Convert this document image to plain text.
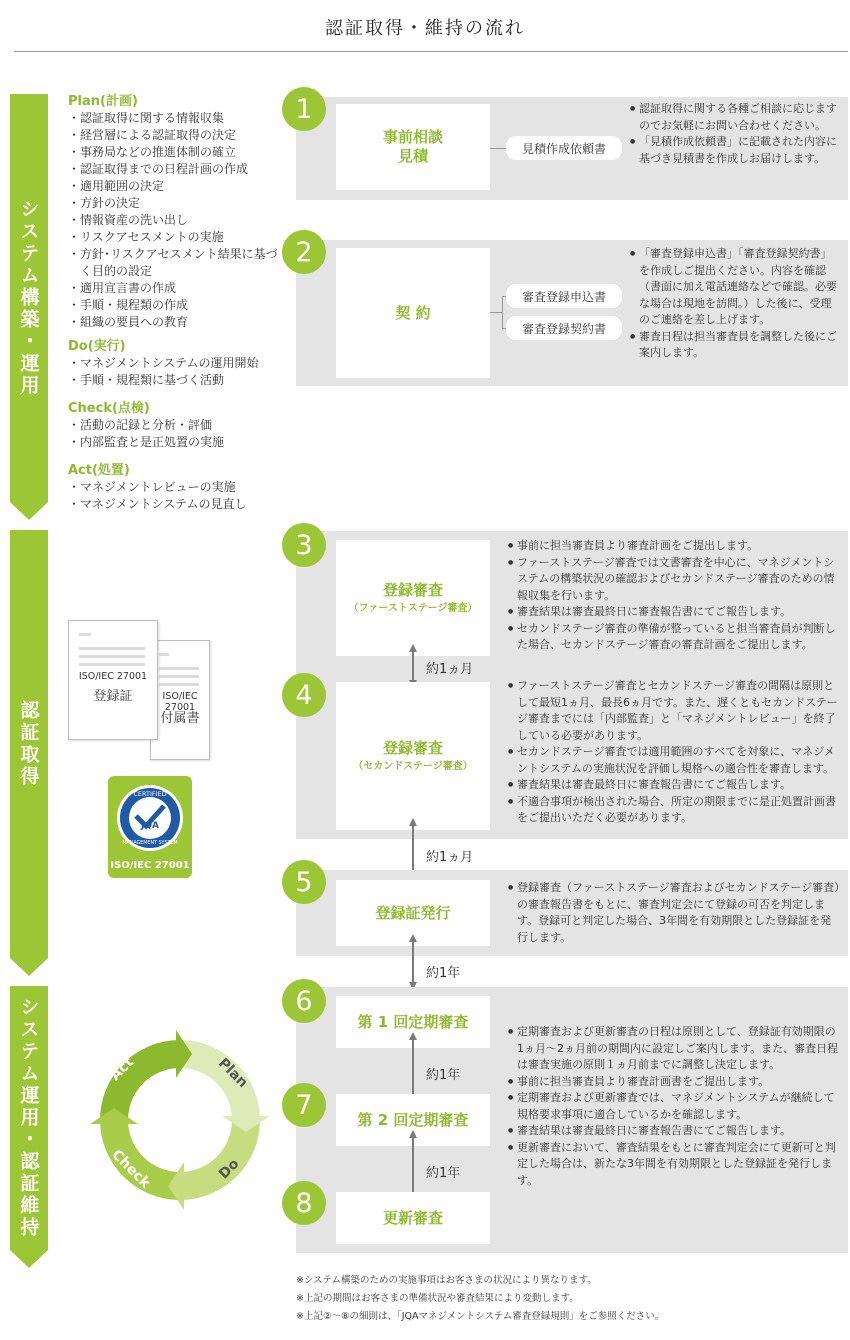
認証取得・維持の流れ
システム構築・運用
認証取得
システム運用・認証維持
Plan(計画)
・ 認証取得に関する情報収集
・ 経営層による認証取得の決定
・ 事務局などの推進体制の確立
・ 認証取得までの日程計画の作成
・ 適用範囲の決定
・ 方針の決定
・ 情報資産の洗い出し
・ リスクアセスメントの実施
・ 方針･リスクアセスメント結果に基づく目的の設定
・ 適用宣言書の作成
・ 手順・規程類の作成
・ 組織の要員への教育
Do(実行)
・ マネジメントシステムの運用開始
・ 手順・規程類に基づく活動
Check(点検)
・ 活動の記録と分析・評価
・ 内部監査と是正処置の実施
Act(処置)
・ マネジメントレビューの実施
・ マネジメントシステムの見直し
ISO/IEC 27001
付属書
ISO/IEC 27001
登録証
CERTIFIED
MANAGEMENT SYSTEM
JQA
ISO/IEC 27001
Act	Plan
Do
Check
1
事前相談
見積	見積作成依頼書
● 認証取得に関する各種ご相談に応じますのでお気軽にお問い合わせください。
● 「見積作成依頼書」に記載された内容に基づき見積書を作成しお届けします。
2
契 約
審査登録申込書
審査登録契約書
● 「審査登録申込書」「審査登録契約書」を作成しご提出ください。内容を確認（書面に加え電話連絡などで確認。必要な場合は現地を訪問。）した後に、受理のご連絡を差し上げます。
● 審査日程は担当審査員を調整した後にご案内します。
3
登録審査
（ファーストステージ審査）
● 事前に担当審査員より審査計画をご提出します。
● ファーストステージ審査では文書審査を中心に、マネジメントシステムの構築状況の確認およびセカンドステージ審査のための情報収集を行います。
● 審査結果は審査最終日に審査報告書にてご報告します。
● セカンドステージ審査の準備が整っていると担当審査員が判断した場合、セカンドステージ審査の審査計画をご提出します。
約1ヵ月
4
登録審査
（セカンドステージ審査）
● ファーストステージ審査とセカンドステージ審査の間隔は原則として最短1ヵ月、最長6ヵ月です。また、遅くともセカンドステージ審査までには「内部監査」と「マネジメントレビュー」を終了している必要があります。
● セカンドステージ審査では適用範囲のすべてを対象に、マネジメントシステムの実施状況を評価し規格への適合性を審査します。
● 審査結果は審査最終日に審査報告書にてご報告します。
● 不適合事項が検出された場合、所定の期限までに是正処置計画書をご提出いただく必要があります。
約1ヵ月
5
登録証発行
● 登録審査（ファーストステージ審査およびセカンドステージ審査）の審査報告書をもとに、審査判定会にて登録の可否を判定します。登録可と判定した場合、3年間を有効期限とした登録証を発行します。
約1年
6
第 1 回定期審査
約1年
7	第 2 回定期審査
約1年
8	更新審査
● 定期審査および更新審査の日程は原則として、登録証有効期限の1ヵ月～2ヵ月前の期間内に設定しご案内します。また、審査日程は審査実施の原則１ヵ月前までに調整し決定します。
● 事前に担当審査員より審査計画書をご提出します。
● 定期審査および更新審査では、マネジメントシステムが継続して規格要求事項に適合しているかを確認します。
● 審査結果は審査最終日に審査報告書にてご報告します。
● 更新審査において、審査結果をもとに審査判定会にて更新可と判定した場合は、新たな3年間を有効期限とした登録証を発行します。
※システム構築のための実施事項はお客さまの状況により異なります。
※上記の期間はお客さまの準備状況や審査結果により変動します。
※上記②～⑧の細則は、「JQAマネジメントシステム審査登録規則」をご参照ください。
